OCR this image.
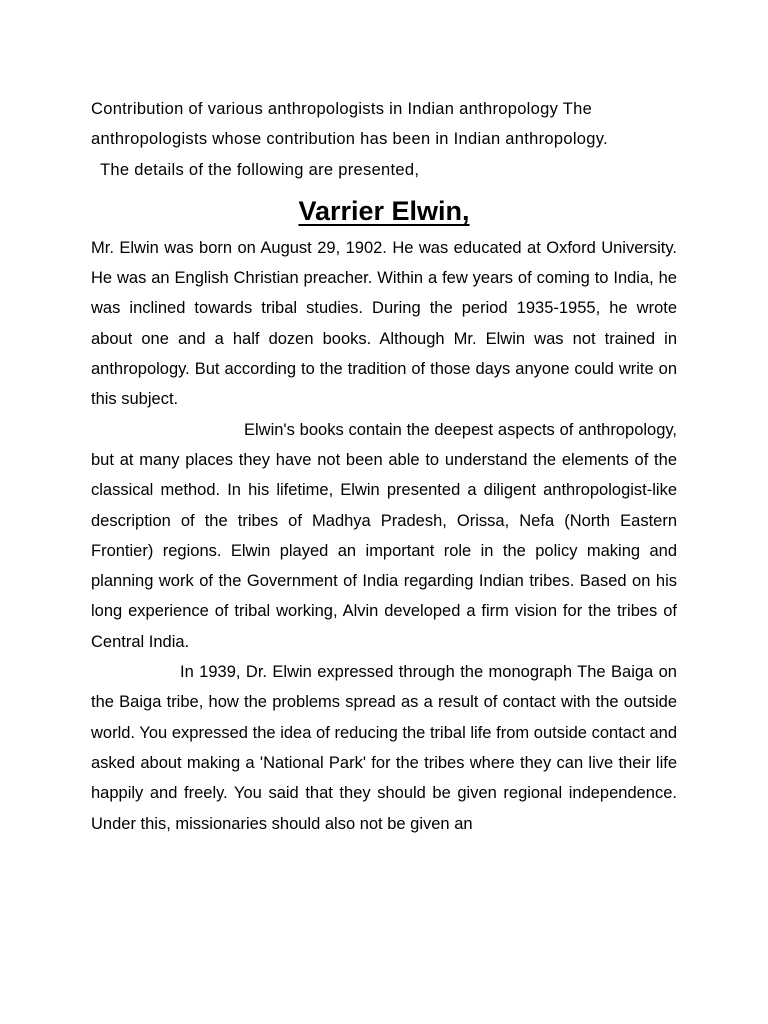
Contribution of various anthropologists in Indian anthropology The
anthropologists whose contribution has been in Indian anthropology.
The details of the following are presented,

Varrier Elwin,

Mr. Elwin was born on August 29, 1902. He was educated at Oxford University. He was an English Christian preacher. Within a few years of coming to India, he was inclined towards tribal studies. During the period 1935-1955, he wrote about one and a half dozen books. Although Mr. Elwin was not trained in anthropology. But according to the tradition of those days anyone could write on this subject.

Elwin's books contain the deepest aspects of anthropology, but at many places they have not been able to understand the elements of the classical method. In his lifetime, Elwin presented a diligent anthropologist-like description of the tribes of Madhya Pradesh, Orissa, Nefa (North Eastern Frontier) regions. Elwin played an important role in the policy making and planning work of the Government of India regarding Indian tribes. Based on his long experience of tribal working, Alvin developed a firm vision for the tribes of Central India.

In 1939, Dr. Elwin expressed through the monograph The Baiga on the Baiga tribe, how the problems spread as a result of contact with the outside world. You expressed the idea of reducing the tribal life from outside contact and asked about making a 'National Park' for the tribes where they can live their life happily and freely. You said that they should be given regional independence. Under this, missionaries should also not be given an
